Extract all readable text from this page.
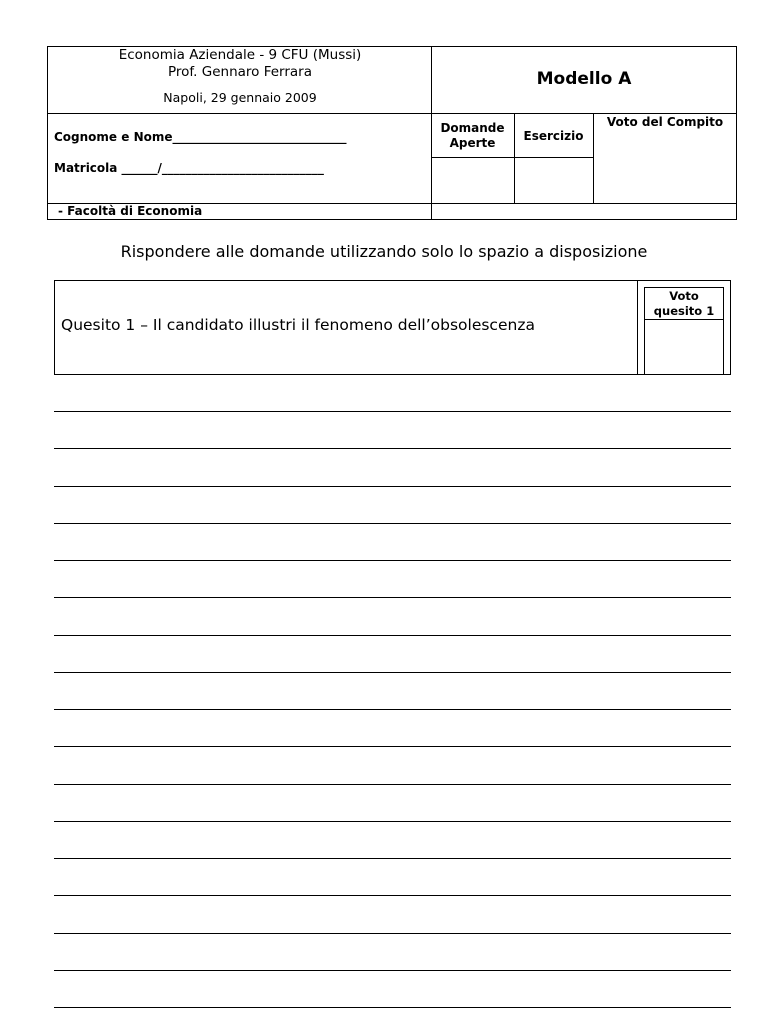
Economia Aziendale - 9 CFU (Mussi)
Prof. Gennaro Ferrara
Napoli, 29 gennaio 2009
Modello A
Cognome e Nome_____________________________
Matricola ______/___________________________
- Facoltà di Economia
Domande
Aperte	Esercizio
Voto del Compito
Rispondere alle domande utilizzando solo lo spazio a disposizione
Voto
quesito 1
Quesito 1 – Il candidato illustri il fenomeno dell’obsolescenza
